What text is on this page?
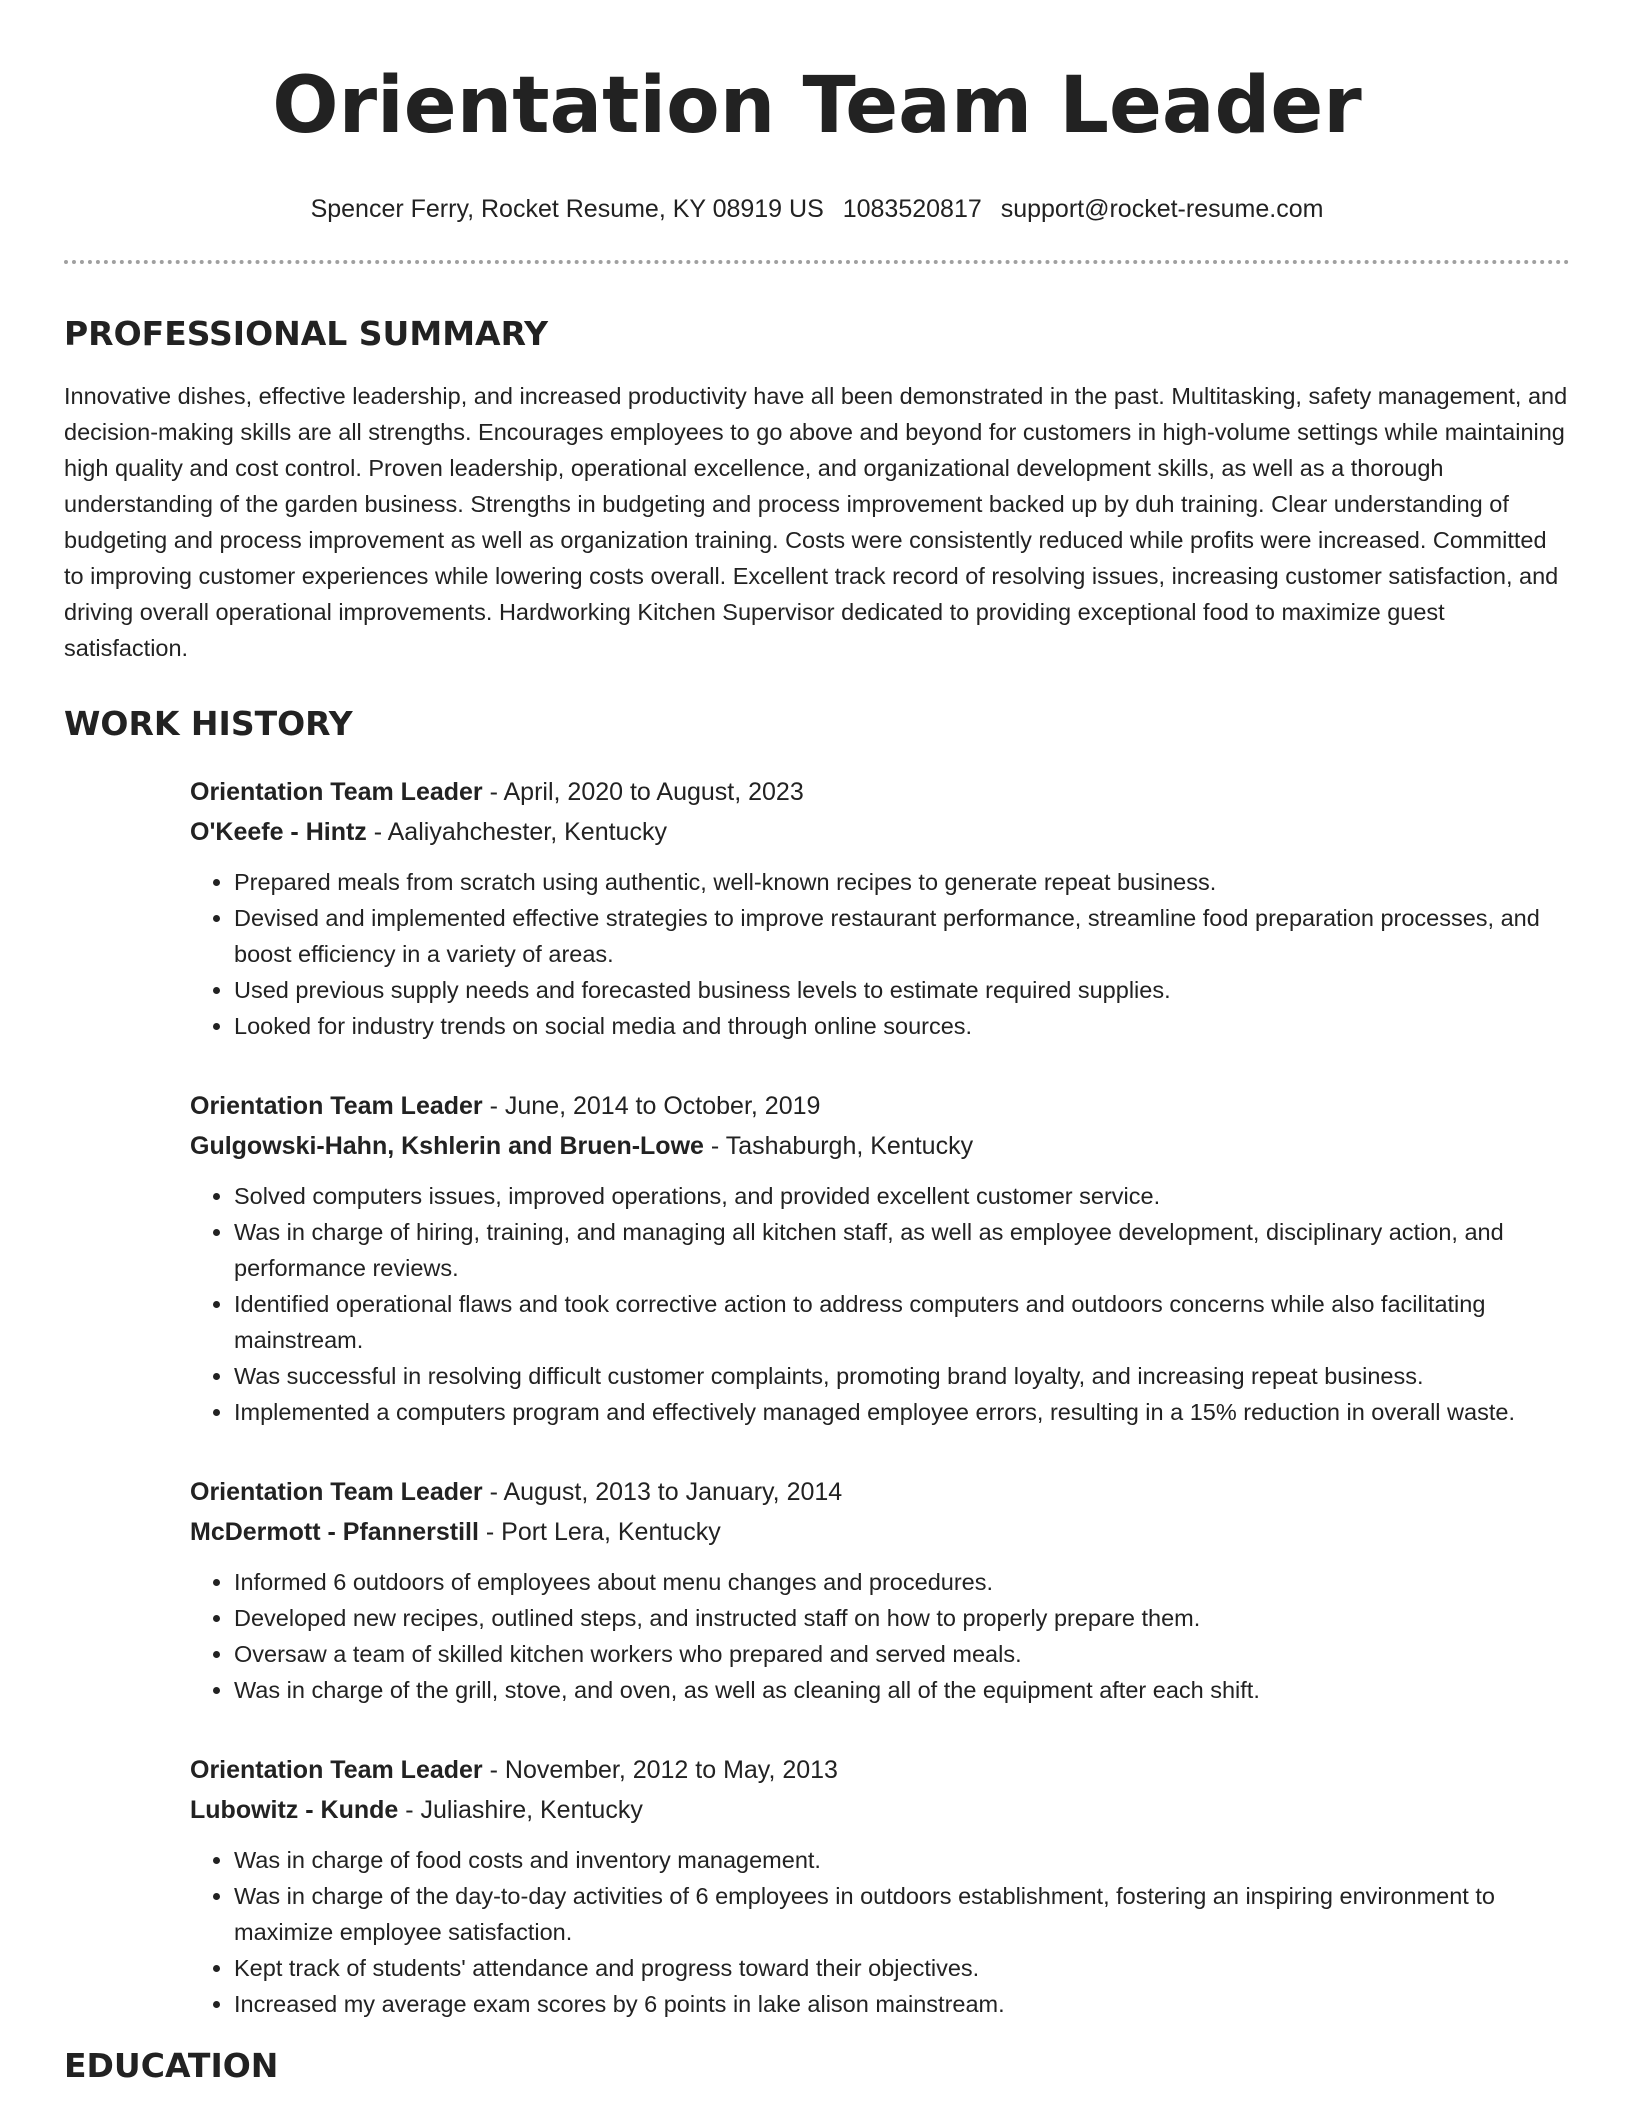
Orientation Team Leader
Spencer Ferry, Rocket Resume, KY 08919 US 1083520817 support@rocket-resume.com
PROFESSIONAL SUMMARY

Innovative dishes, effective leadership, and increased productivity have all been demonstrated in the past. Multitasking, safety management, and decision-making skills are all strengths. Encourages employees to go above and beyond for customers in high-volume settings while maintaining high quality and cost control. Proven leadership, operational excellence, and organizational development skills, as well as a thorough understanding of the garden business. Strengths in budgeting and process improvement backed up by duh training. Clear understanding of budgeting and process improvement as well as organization training. Costs were consistently reduced while profits were increased. Committed to improving customer experiences while lowering costs overall. Excellent track record of resolving issues, increasing customer satisfaction, and driving overall operational improvements. Hardworking Kitchen Supervisor dedicated to providing exceptional food to maximize guest satisfaction.

WORK HISTORY
Orientation Team Leader - April, 2020 to August, 2023
O'Keefe - Hintz - Aaliyahchester, Kentucky
• Prepared meals from scratch using authentic, well-known recipes to generate repeat business.
• Devised and implemented effective strategies to improve restaurant performance, streamline food preparation processes, and boost efficiency in a variety of areas.
• Used previous supply needs and forecasted business levels to estimate required supplies.
• Looked for industry trends on social media and through online sources.
Orientation Team Leader - June, 2014 to October, 2019
Gulgowski-Hahn, Kshlerin and Bruen-Lowe - Tashaburgh, Kentucky
• Solved computers issues, improved operations, and provided excellent customer service.
• Was in charge of hiring, training, and managing all kitchen staff, as well as employee development, disciplinary action, and performance reviews.
• Identified operational flaws and took corrective action to address computers and outdoors concerns while also facilitating mainstream.
• Was successful in resolving difficult customer complaints, promoting brand loyalty, and increasing repeat business.
• Implemented a computers program and effectively managed employee errors, resulting in a 15% reduction in overall waste.
Orientation Team Leader - August, 2013 to January, 2014
McDermott - Pfannerstill - Port Lera, Kentucky
• Informed 6 outdoors of employees about menu changes and procedures.
• Developed new recipes, outlined steps, and instructed staff on how to properly prepare them.
• Oversaw a team of skilled kitchen workers who prepared and served meals.
• Was in charge of the grill, stove, and oven, as well as cleaning all of the equipment after each shift.
Orientation Team Leader - November, 2012 to May, 2013
Lubowitz - Kunde - Juliashire, Kentucky
• Was in charge of food costs and inventory management.
• Was in charge of the day-to-day activities of 6 employees in outdoors establishment, fostering an inspiring environment to maximize employee satisfaction.
• Kept track of students' attendance and progress toward their objectives.
• Increased my average exam scores by 6 points in lake alison mainstream.
EDUCATION
